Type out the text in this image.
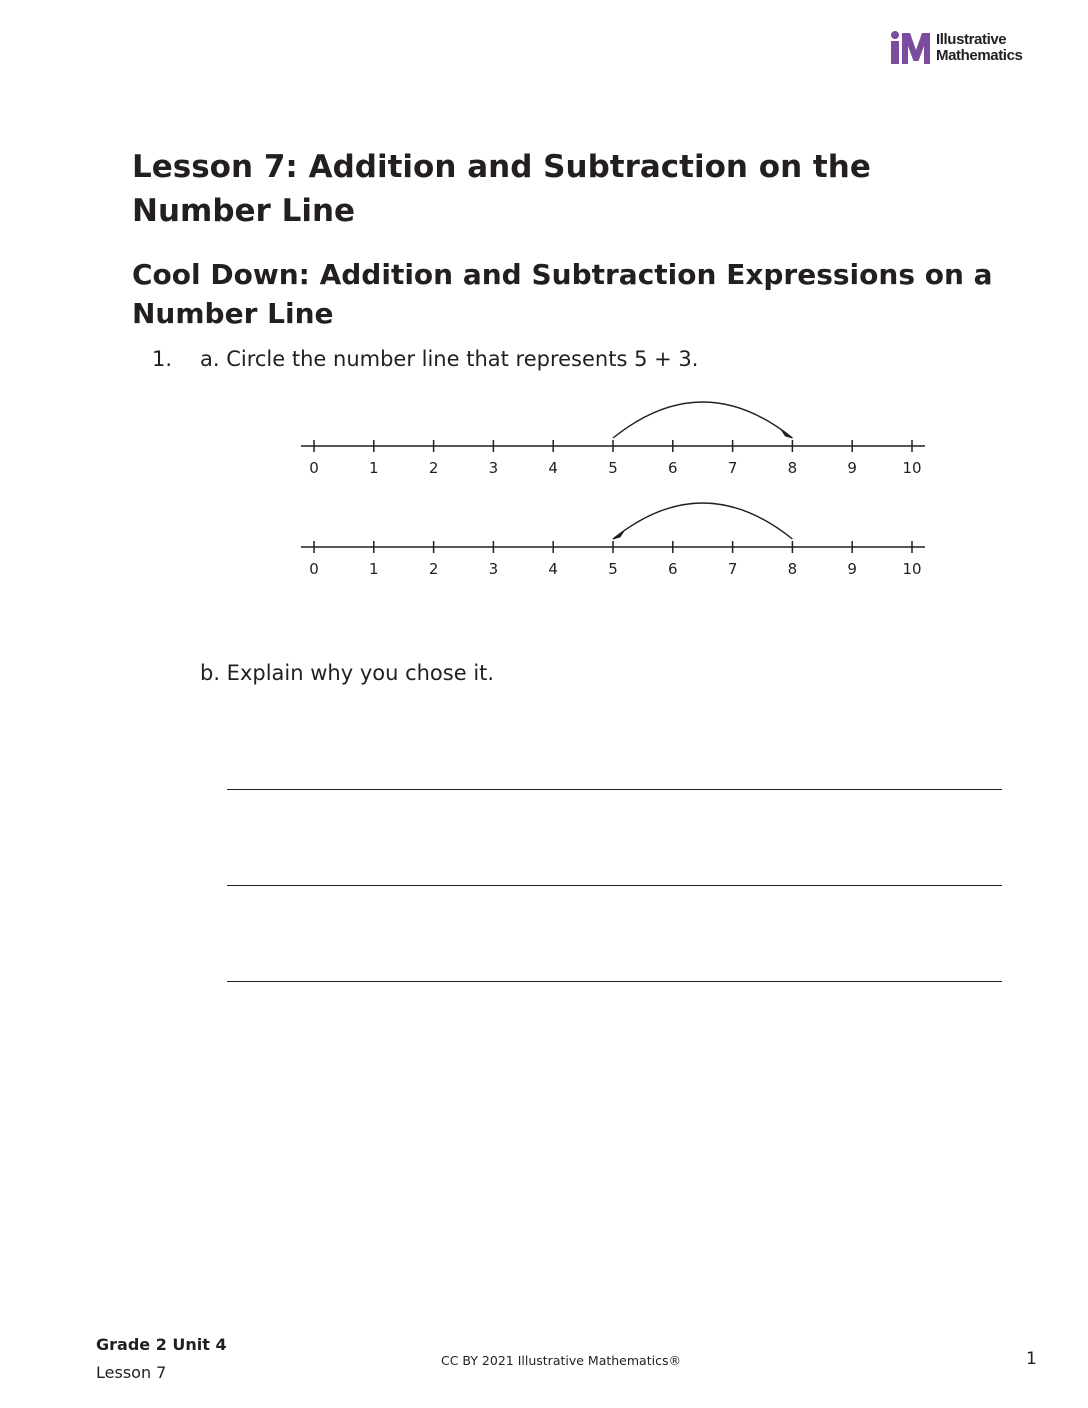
Illustrative
Mathematics
Lesson 7: Addition and Subtraction on the Number Line
Cool Down: Addition and Subtraction Expressions on a Number Line
1. a. Circle the number line that represents 5 + 3.
0	1	2	3	4	5	6	7	8	9	10
0	1	2	3	4	5	6	7	8	9	10
b. Explain why you chose it.
Grade 2 Unit 4
Lesson 7
CC BY 2021 Illustrative Mathematics®	1
